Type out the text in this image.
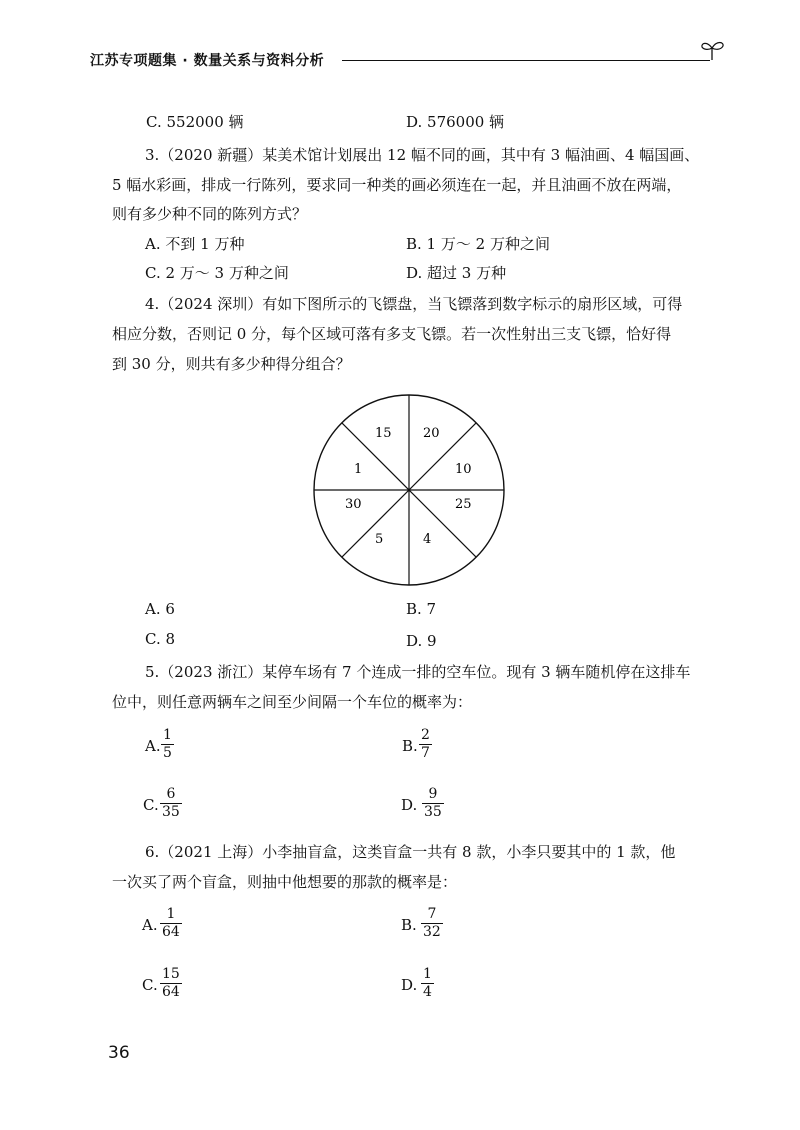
江苏专项题集 · 数量关系与资料分析
C. 552000 辆	D. 576000 辆
3.（2020 新疆）某美术馆计划展出 12 幅不同的画，其中有 3 幅油画、4 幅国画、
5 幅水彩画，排成一行陈列，要求同一种类的画必须连在一起，并且油画不放在两端，
则有多少种不同的陈列方式？
A. 不到 1 万种	B. 1 万～ 2 万种之间
C. 2 万～ 3 万种之间	D. 超过 3 万种
4.（2024 深圳）有如下图所示的飞镖盘，当飞镖落到数字标示的扇形区域，可得
相应分数，否则记 0 分，每个区域可落有多支飞镖。若一次性射出三支飞镖，恰好得
到 30 分，则共有多少种得分组合？
15 20
1	10
30	25
5	4
A. 6	B. 7
C. 8	D. 9
5.（2023 浙江）某停车场有 7 个连成一排的空车位。现有 3 辆车随机停在这排车
位中，则任意两辆车之间至少间隔一个车位的概率为：
A.
1
5	B.
2
7
C.
6
35	D.
9
35
6.（2021 上海）小李抽盲盒，这类盲盒一共有 8 款，小李只要其中的 1 款，他
一次买了两个盲盒，则抽中他想要的那款的概率是：
A.
1
64	B.
7
32
C.
15
64	D.
1
4
36
